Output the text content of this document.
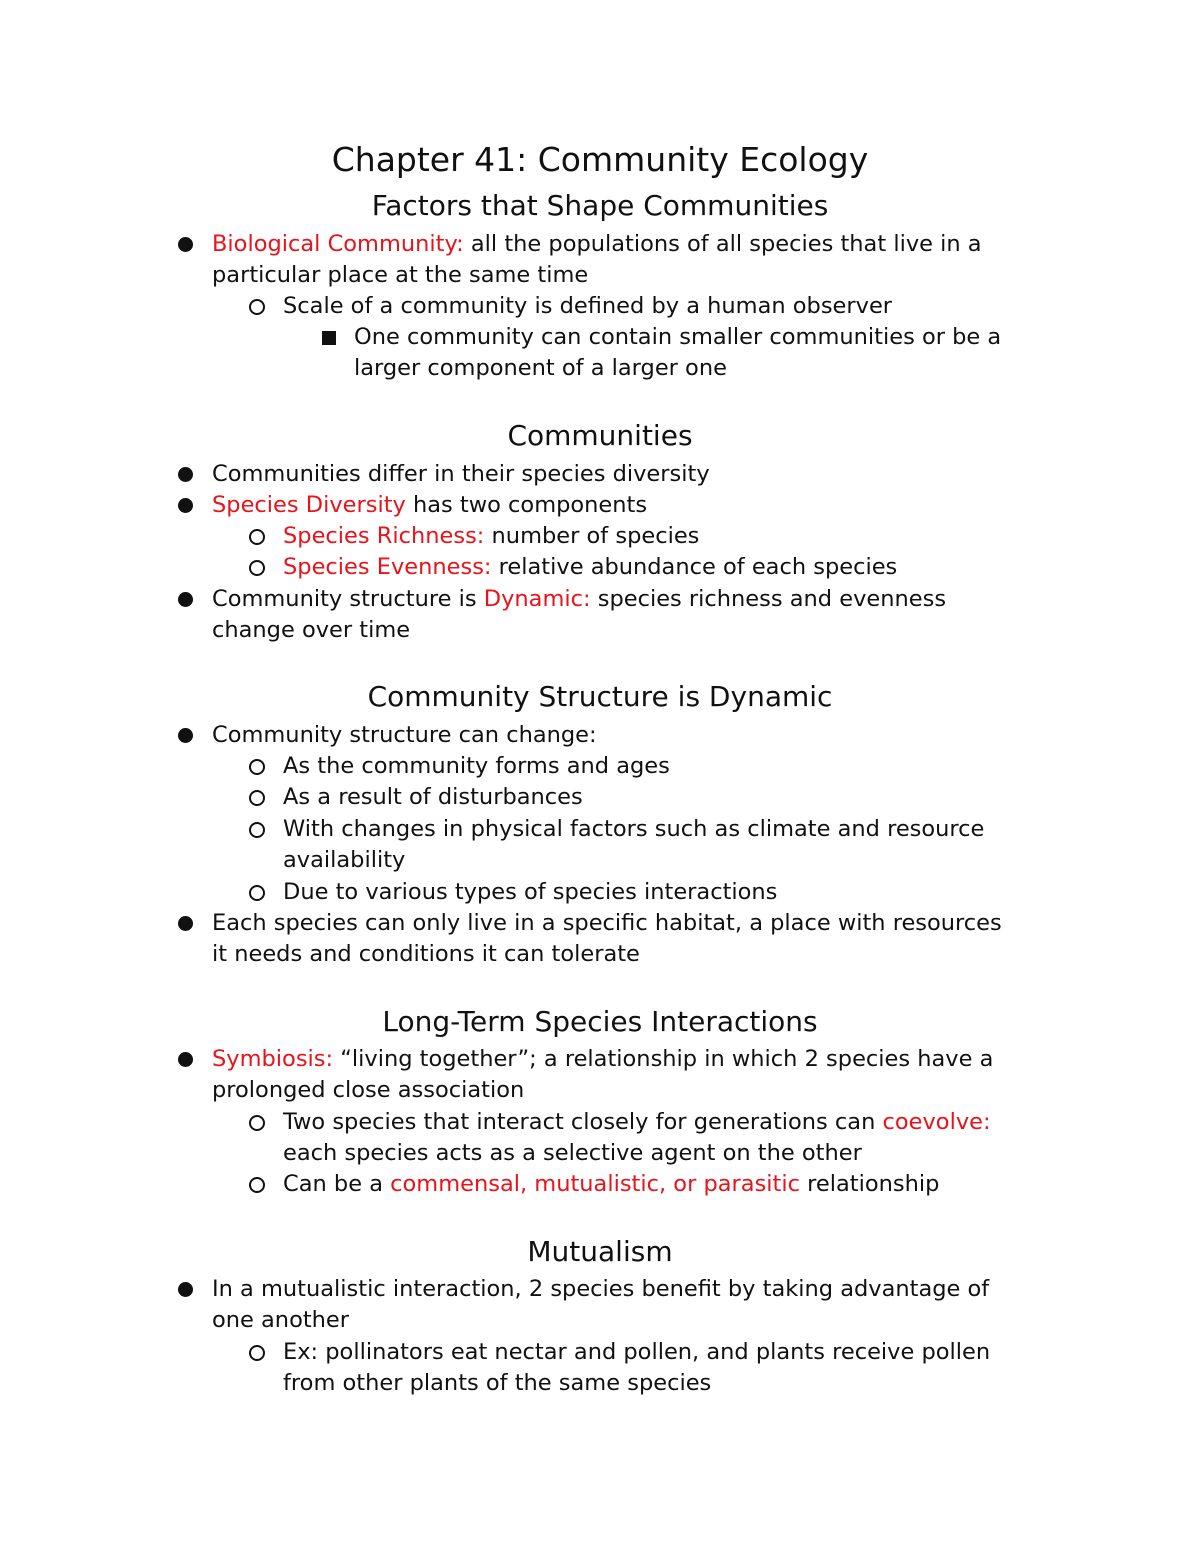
Chapter 41: Community Ecology
Factors that Shape Communities
Biological Community: all the populations of all species that live in a
particular place at the same time
Scale of a community is defined by a human observer
One community can contain smaller communities or be a
larger component of a larger one
Communities
Communities differ in their species diversity
Species Diversity has two components
Species Richness: number of species
Species Evenness: relative abundance of each species
Community structure is Dynamic: species richness and evenness
change over time
Community Structure is Dynamic
Community structure can change:
As the community forms and ages
As a result of disturbances
With changes in physical factors such as climate and resource
availability
Due to various types of species interactions
Each species can only live in a specific habitat, a place with resources
it needs and conditions it can tolerate
Long-Term Species Interactions
Symbiosis: “living together”; a relationship in which 2 species have a
prolonged close association
Two species that interact closely for generations can coevolve:
each species acts as a selective agent on the other
Can be a commensal, mutualistic, or parasitic relationship
Mutualism
In a mutualistic interaction, 2 species benefit by taking advantage of
one another
Ex: pollinators eat nectar and pollen, and plants receive pollen
from other plants of the same species
